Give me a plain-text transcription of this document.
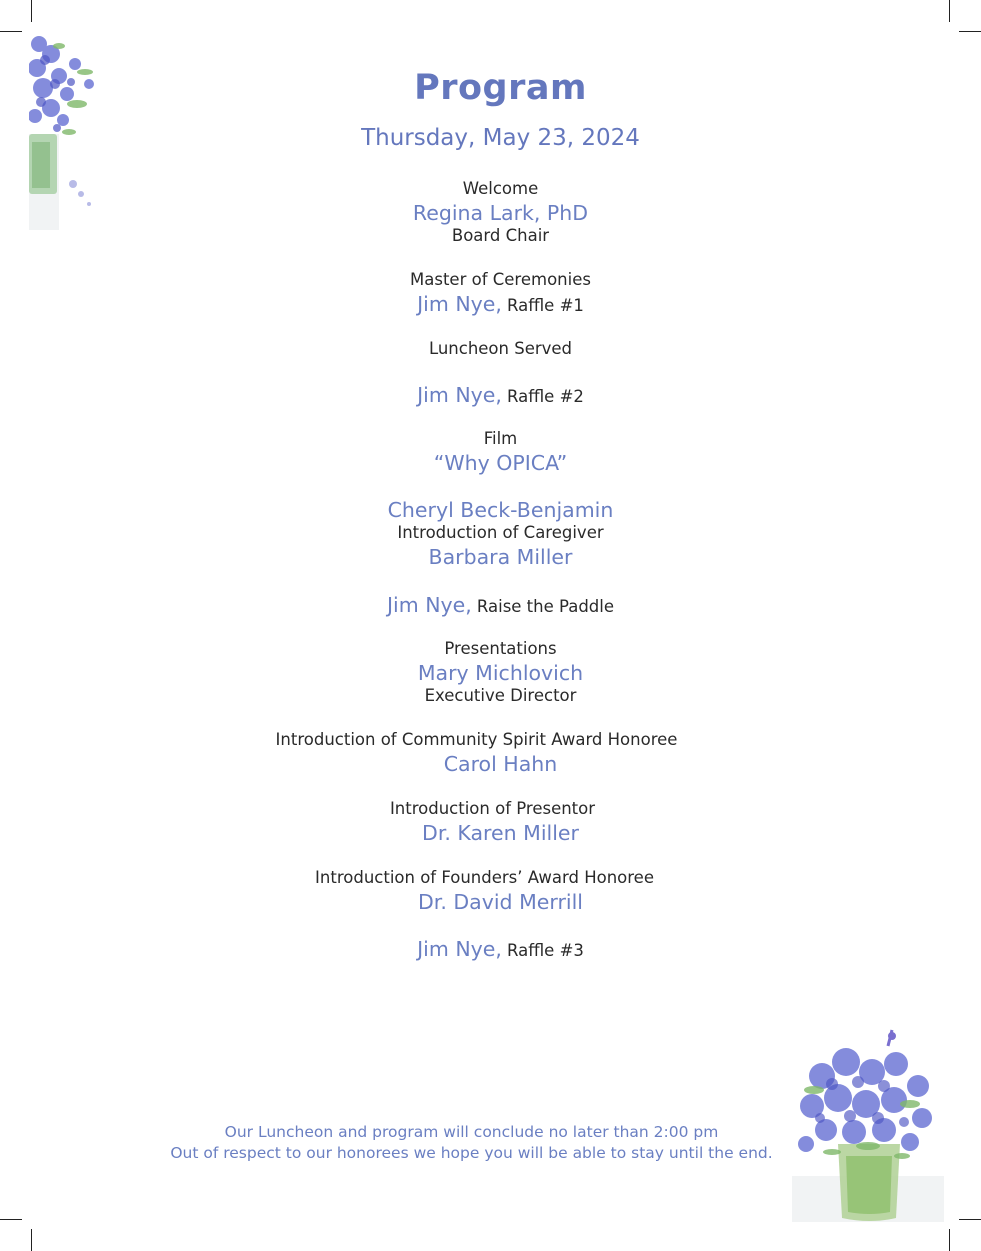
Program
Thursday, May 23, 2024
Welcome
Regina Lark, PhD
Board Chair
Master of Ceremonies
Jim Nye, Raffle #1
Luncheon Served
Jim Nye, Raffle #2
Film
“Why OPICA”
Cheryl Beck-Benjamin
Introduction of Caregiver
Barbara Miller
Jim Nye, Raise the Paddle
Presentations
Mary Michlovich
Executive Director
Introduction of Community Spirit Award Honoree
Carol Hahn
Introduction of Presentor
Dr. Karen Miller
Introduction of Founders’ Award Honoree
Dr. David Merrill
Jim Nye, Raffle #3
Our Luncheon and program will conclude no later than 2:00 pm
Out of respect to our honorees we hope you will be able to stay until the end.
